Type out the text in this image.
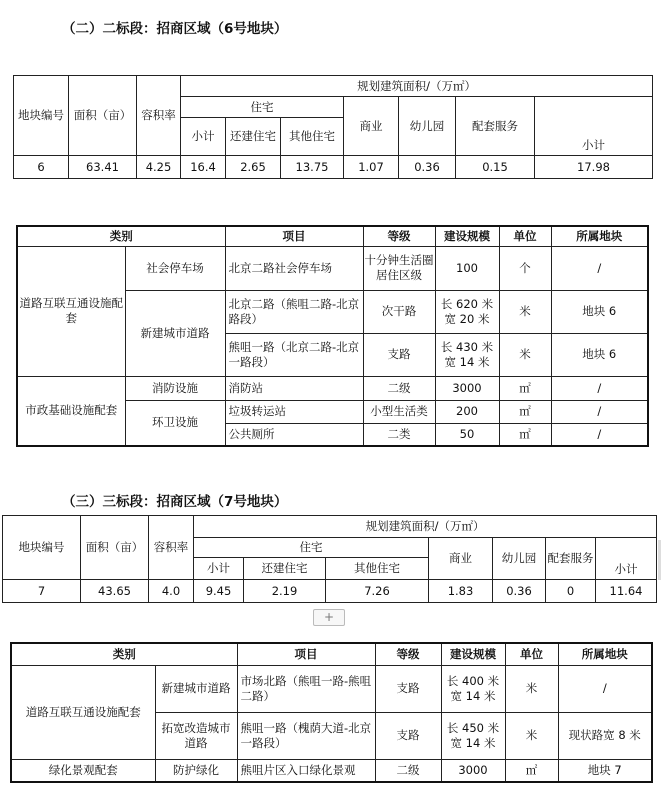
（二）二标段：招商区域（6号地块）
地块编号	面积（亩）	容积率	规划建筑面积/（万㎡）						
			住宅			商业	幼儿园	配套服务	小计
			小计	还建住宅	其他住宅				
6	63.41	4.25	16.4	2.65	13.75	1.07	0.36	0.15	17.98
类别		项目	等级	建设规模	单位	所属地块
道路互联互通设施配套	社会停车场	北京二路社会停车场	十分钟生活圈居住区级	100	个	/
	新建城市道路	北京二路（熊咀二路-北京路段）	次干路	长 620 米宽 20 米	米	地块 6
		熊咀一路（北京二路-北京一路段）	支路	长 430 米宽 14 米	米	地块 6
市政基础设施配套	消防设施	消防站	二级	3000	㎡	/
	环卫设施	垃圾转运站	小型生活类	200	㎡	/
		公共厕所	二类	50	㎡	/
（三）三标段：招商区域（7号地块）
地块编号	面积（亩）	容积率	规划建筑面积/（万㎡）						
			住宅			商业	幼儿园	配套服务	小计
			小计	还建住宅	其他住宅				
7	43.65	4.0	9.45	2.19	7.26	1.83	0.36	0	11.64
+
类别		项目	等级	建设规模	单位	所属地块
道路互联互通设施配套	新建城市道路	市场北路（熊咀一路-熊咀二路）	支路	长 400 米宽 14 米	米	/
	拓宽改造城市道路	熊咀一路（槐荫大道-北京一路段）	支路	长 450 米宽 14 米	米	现状路宽 8 米
绿化景观配套	防护绿化	熊咀片区入口绿化景观	二级	3000	㎡	地块 7
